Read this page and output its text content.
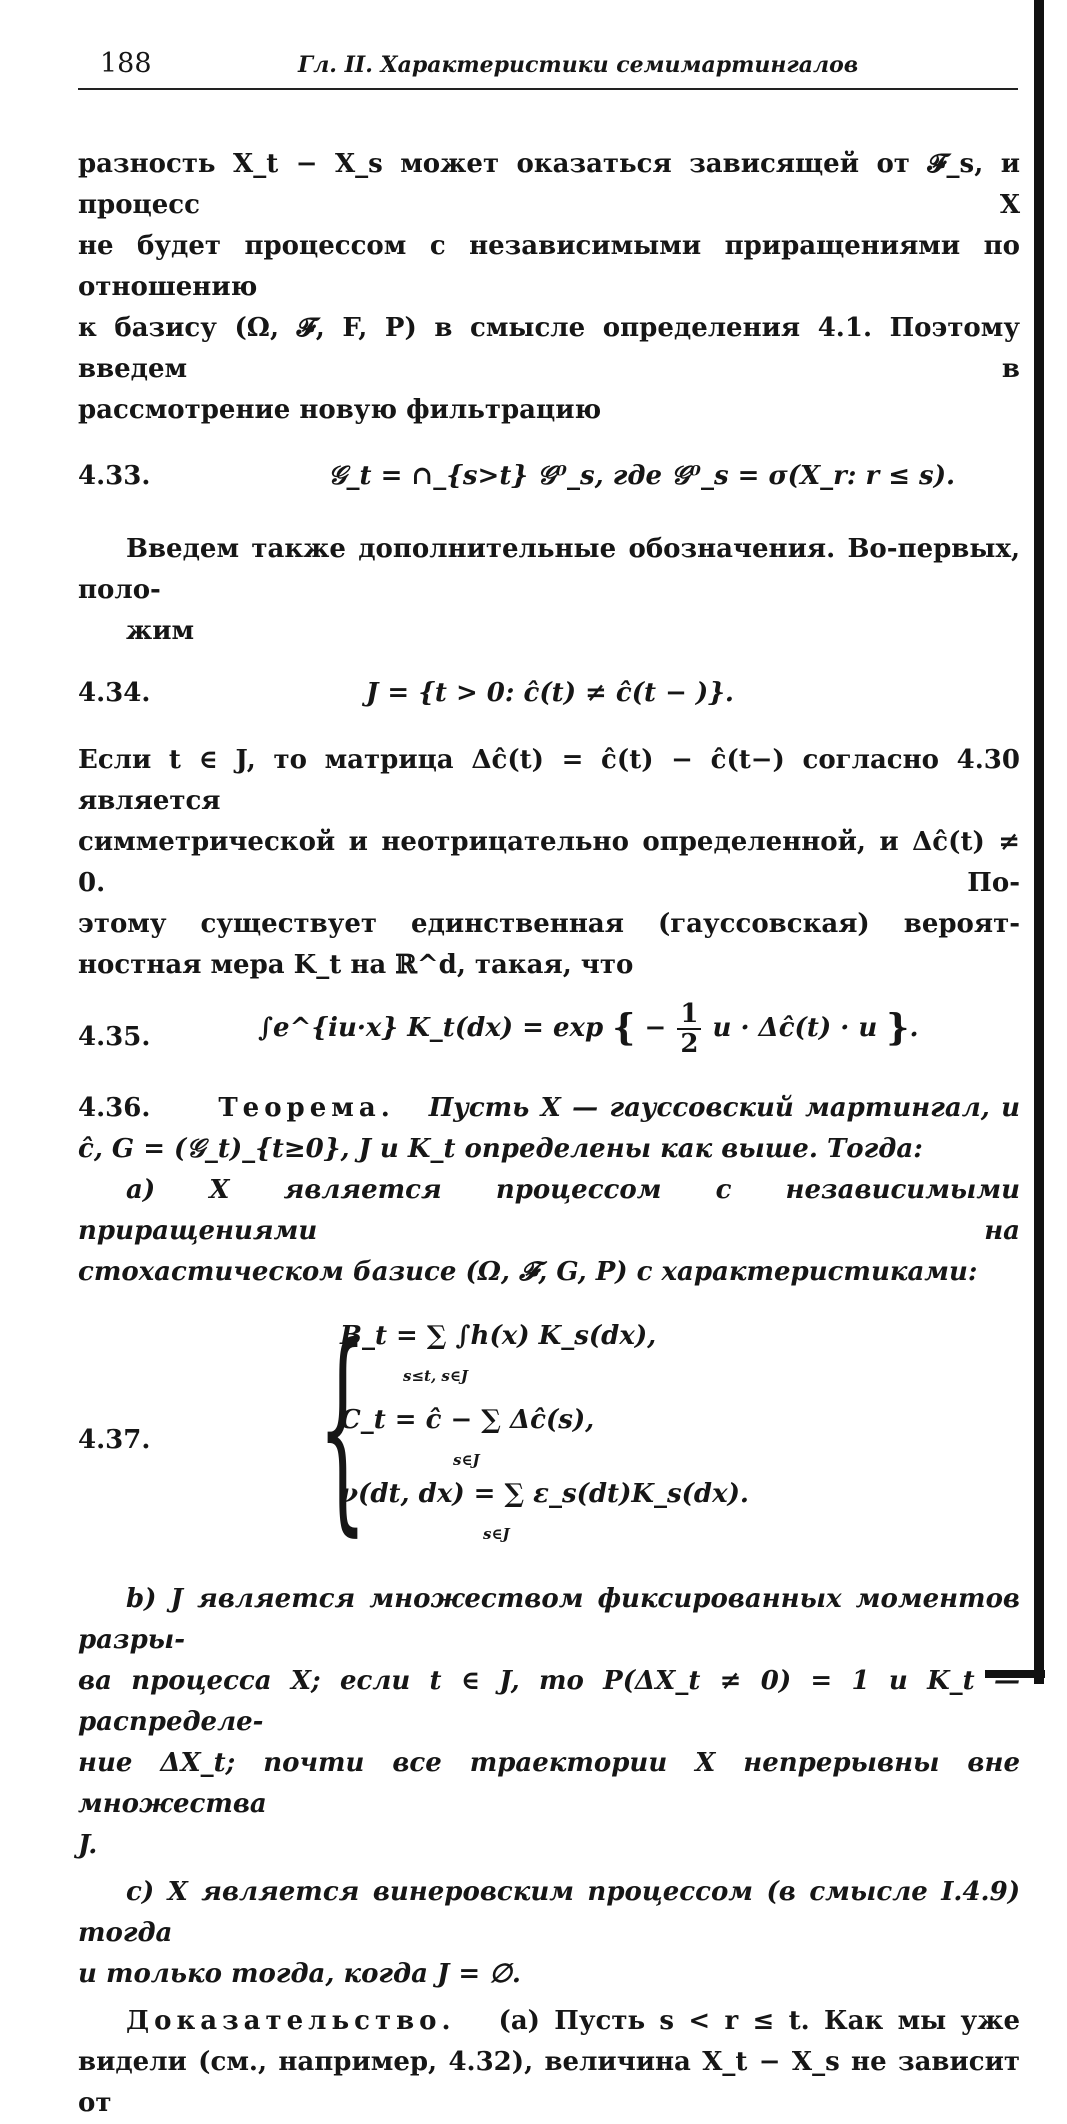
188	Гл. II. Характеристики семимартингалов

разность X_t − X_s может оказаться зависящей от 𝓕_s, и процесс X
не будет процессом с независимыми приращениями по отношению
к базису (Ω, 𝓕, F, P) в смысле определения 4.1. Поэтому введем в
рассмотрение новую фильтрацию

4.33.	𝒢_t = ∩_{s>t} 𝒢⁰_s, где 𝒢⁰_s = σ(X_r: r ≤ s).

Введем также дополнительные обозначения. Во-первых, поло-
жим

4.34.	J = {t > 0: ĉ(t) ≠ ĉ(t − )}.

Если t ∈ J, то матрица Δĉ(t) = ĉ(t) − ĉ(t−) согласно 4.30 является
симметрической и неотрицательно определенной, и Δĉ(t) ≠ 0. По-
этому существует единственная (гауссовская) вероят-
ностная мера K_t на ℝ^d, такая, что

4.35.	∫e^{iu·x} K_t(dx) = exp { − $\frac{1}{2}$ u · Δĉ(t) · u }.

4.36.	Теорема. Пусть X — гауссовский мартингал, и
ĉ, G = (𝒢_t)_{t≥0}, J и K_t определены как выше. Тогда:
a) X является процессом с независимыми приращениями на
стохастическом базисе (Ω, 𝓕, G, P) с характеристиками:

4.37. {
B_t = ∑ ∫h(x) K_s(dx),
s≤t, s∈J
C_t = ĉ − ∑ Δĉ(s),
s∈J
ν(dt, dx) = ∑ ε_s(dt)K_s(dx).
s∈J

b) J является множеством фиксированных моментов разры-
ва процесса X; если t ∈ J, то P(ΔX_t ≠ 0) = 1 и K_t — распределе-
ние ΔX_t; почти все траектории X непрерывны вне множества
J.

c) X является винеровским процессом (в смысле I.4.9) тогда
и только тогда, когда J = ∅.

Доказательство. (a) Пусть s < r ≤ t. Как мы уже
видели (см., например, 4.32), величина X_t − X_s не зависит от
